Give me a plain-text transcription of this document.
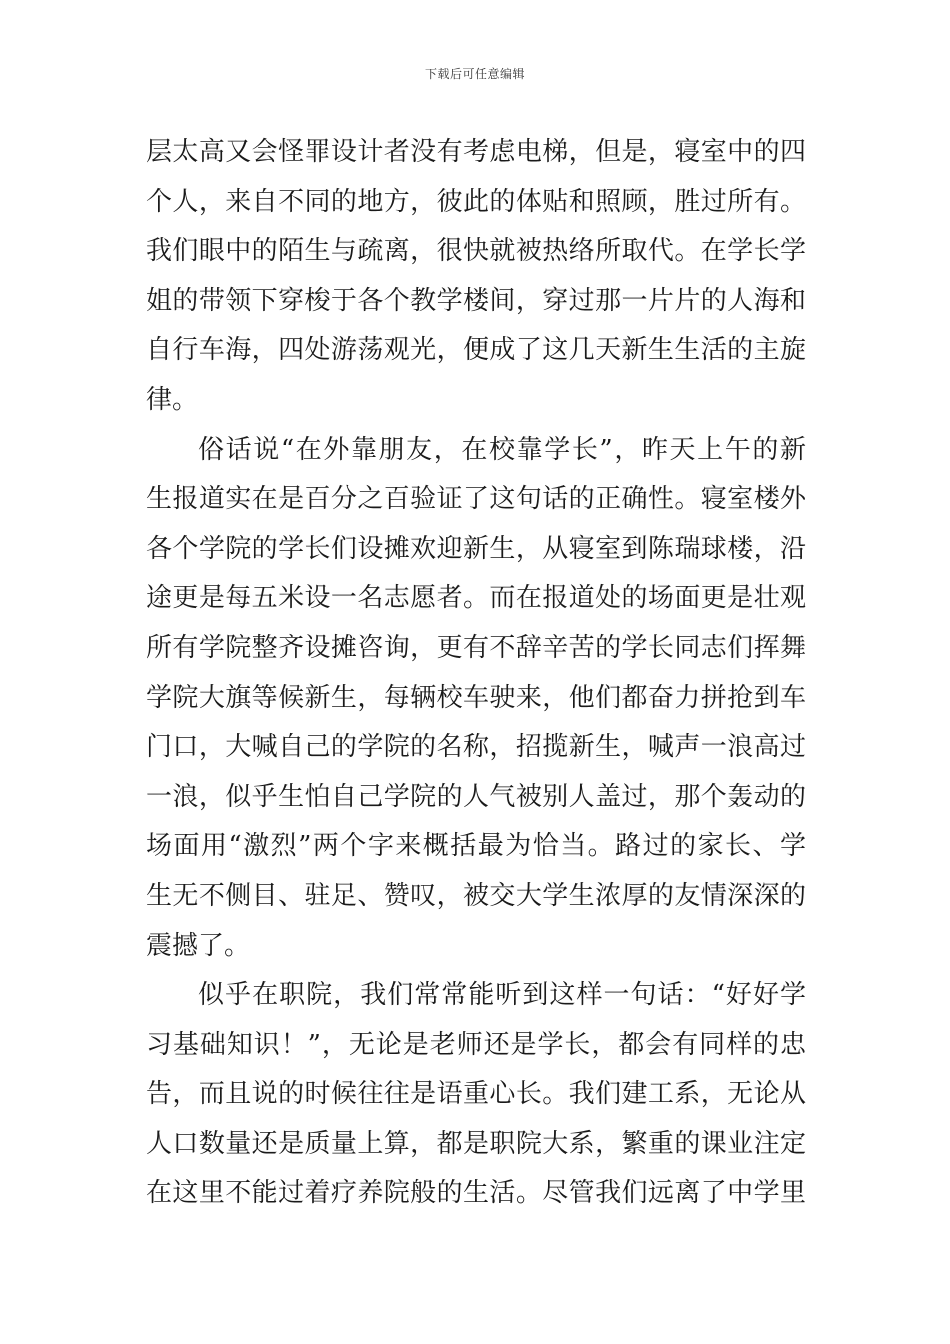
下载后可任意编辑
层太高又会怪罪设计者没有考虑电梯，但是，寝室中的四
个人，来自不同的地方，彼此的体贴和照顾，胜过所有。
我们眼中的陌生与疏离，很快就被热络所取代。在学长学
姐的带领下穿梭于各个教学楼间，穿过那一片片的人海和
自行车海，四处游荡观光，便成了这几天新生生活的主旋
律。
俗话说“在外靠朋友，在校靠学长”，昨天上午的新
生报道实在是百分之百验证了这句话的正确性。寝室楼外
各个学院的学长们设摊欢迎新生，从寝室到陈瑞球楼，沿
途更是每五米设一名志愿者。而在报道处的场面更是壮观
所有学院整齐设摊咨询，更有不辞辛苦的学长同志们挥舞
学院大旗等候新生，每辆校车驶来，他们都奋力拼抢到车
门口，大喊自己的学院的名称，招揽新生，喊声一浪高过
一浪，似乎生怕自己学院的人气被别人盖过，那个轰动的
场面用“激烈”两个字来概括最为恰当。路过的家长、学
生无不侧目、驻足、赞叹，被交大学生浓厚的友情深深的
震撼了。
似乎在职院，我们常常能听到这样一句话：“好好学
习基础知识！”，无论是老师还是学长，都会有同样的忠
告，而且说的时候往往是语重心长。我们建工系，无论从
人口数量还是质量上算，都是职院大系，繁重的课业注定
在这里不能过着疗养院般的生活。尽管我们远离了中学里
